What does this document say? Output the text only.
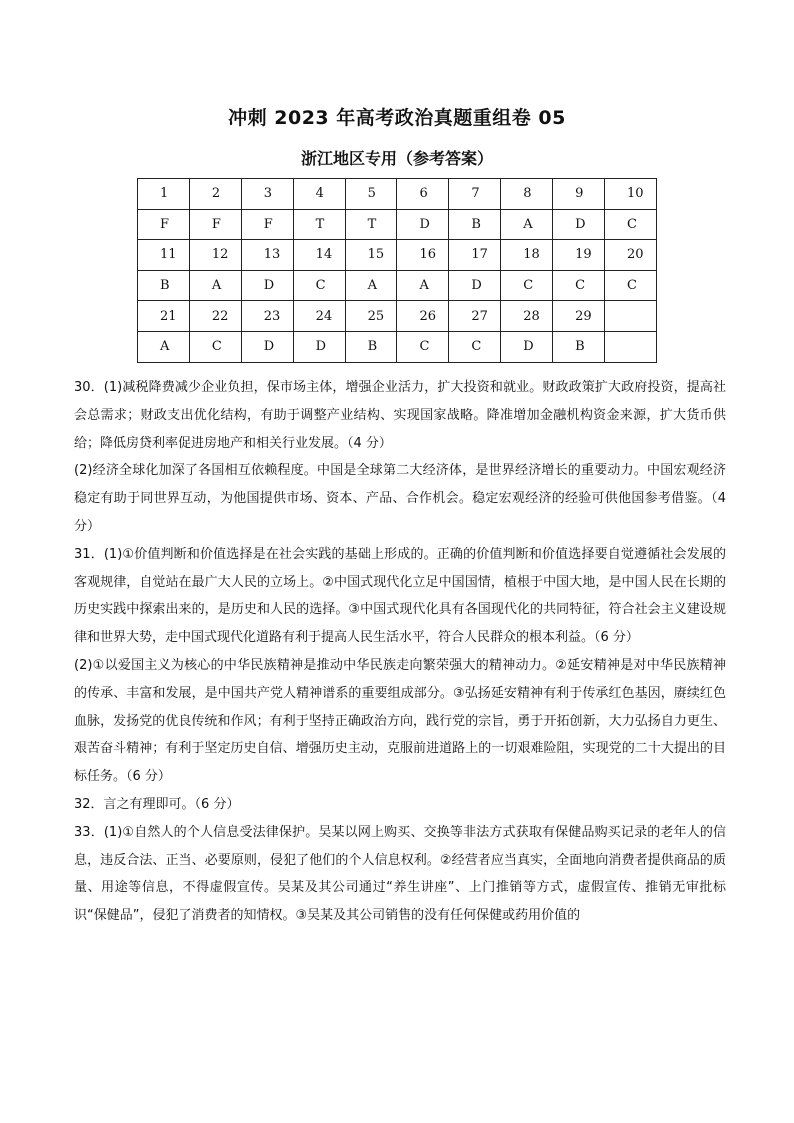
冲刺 2023 年高考政治真题重组卷 05
浙江地区专用（参考答案）
1	2	3	4	5	6	7	8	9	10
F	F	F	T	T	D	B	A	D	C
11	12	13	14	15	16	17	18	19	20
B	A	D	C	A	A	D	C	C	C
21	22	23	24	25	26	27	28	29	
A	C	D	D	B	C	C	D	B	

30．(1)减税降费减少企业负担，保市场主体，增强企业活力，扩大投资和就业。财政政策扩大政府投资，提高社会总需求；财政支出优化结构，有助于调整产业结构、实现国家战略。降准增加金融机构资金来源，扩大货币供给；降低房贷利率促进房地产和相关行业发展。（4 分）

(2)经济全球化加深了各国相互依赖程度。中国是全球第二大经济体，是世界经济增长的重要动力。中国宏观经济稳定有助于同世界互动，为他国提供市场、资本、产品、合作机会。稳定宏观经济的经验可供他国参考借鉴。（4 分）

31．(1)①价值判断和价值选择是在社会实践的基础上形成的。正确的价值判断和价值选择要自觉遵循社会发展的客观规律，自觉站在最广大人民的立场上。②中国式现代化立足中国国情，植根于中国大地，是中国人民在长期的历史实践中探索出来的，是历史和人民的选择。③中国式现代化具有各国现代化的共同特征，符合社会主义建设规律和世界大势，走中国式现代化道路有利于提高人民生活水平，符合人民群众的根本利益。（6 分）

(2)①以爱国主义为核心的中华民族精神是推动中华民族走向繁荣强大的精神动力。②延安精神是对中华民族精神的传承、丰富和发展，是中国共产党人精神谱系的重要组成部分。③弘扬延安精神有利于传承红色基因，赓续红色血脉，发扬党的优良传统和作风；有利于坚持正确政治方向，践行党的宗旨，勇于开拓创新，大力弘扬自力更生、艰苦奋斗精神；有利于坚定历史自信、增强历史主动，克服前进道路上的一切艰难险阻，实现党的二十大提出的目标任务。（6 分）

32．言之有理即可。（6 分）

33．(1)①自然人的个人信息受法律保护。吴某以网上购买、交换等非法方式获取有保健品购买记录的老年人的信息，违反合法、正当、必要原则，侵犯了他们的个人信息权利。②经营者应当真实，全面地向消费者提供商品的质量、用途等信息，不得虚假宣传。吴某及其公司通过“养生讲座”、上门推销等方式，虚假宣传、推销无审批标识“保健品”，侵犯了消费者的知情权。③吴某及其公司销售的没有任何保健或药用价值的
